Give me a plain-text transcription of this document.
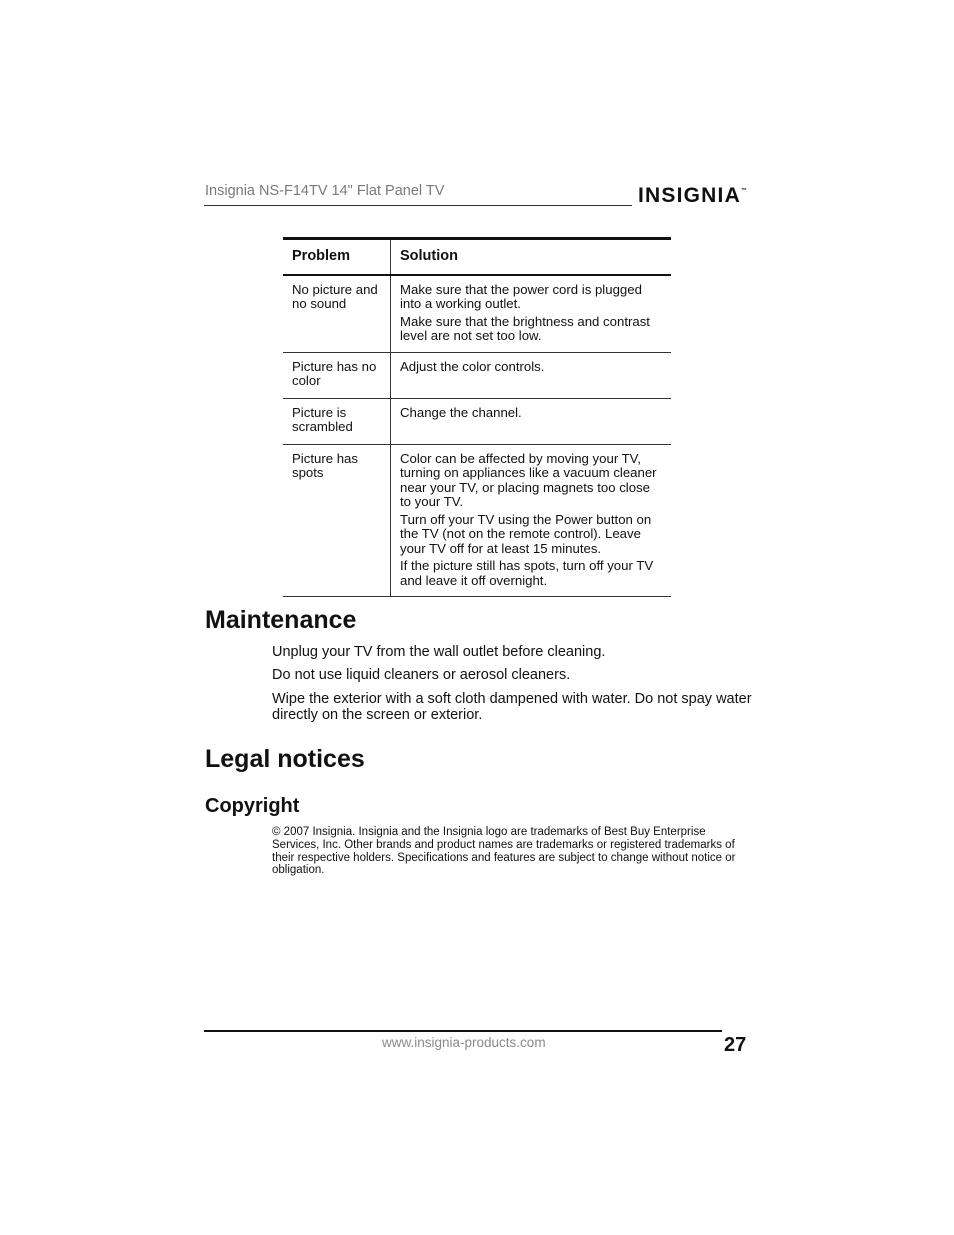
Insignia NS-F14TV 14" Flat Panel TV	INSIGNIA™
Problem	Solution
No picture and no sound	Make sure that the power cord is plugged into a working outlet.

Make sure that the brightness and contrast level are not set too low.

Picture has no color	Adjust the color controls.

Picture is scrambled	Change the channel.

Picture has spots	Color can be affected by moving your TV, turning on appliances like a vacuum cleaner near your TV, or placing magnets too close to your TV.

Turn off your TV using the Power button on the TV (not on the remote control). Leave your TV off for at least 15 minutes.

If the picture still has spots, turn off your TV and leave it off overnight.

Maintenance

Unplug your TV from the wall outlet before cleaning.

Do not use liquid cleaners or aerosol cleaners.

Wipe the exterior with a soft cloth dampened with water. Do not spay water directly on the screen or exterior.

Legal notices
Copyright

© 2007 Insignia. Insignia and the Insignia logo are trademarks of Best Buy Enterprise Services, Inc. Other brands and product names are trademarks or registered trademarks of their respective holders. Specifications and features are subject to change without notice or obligation.

www.insignia-products.com	27
